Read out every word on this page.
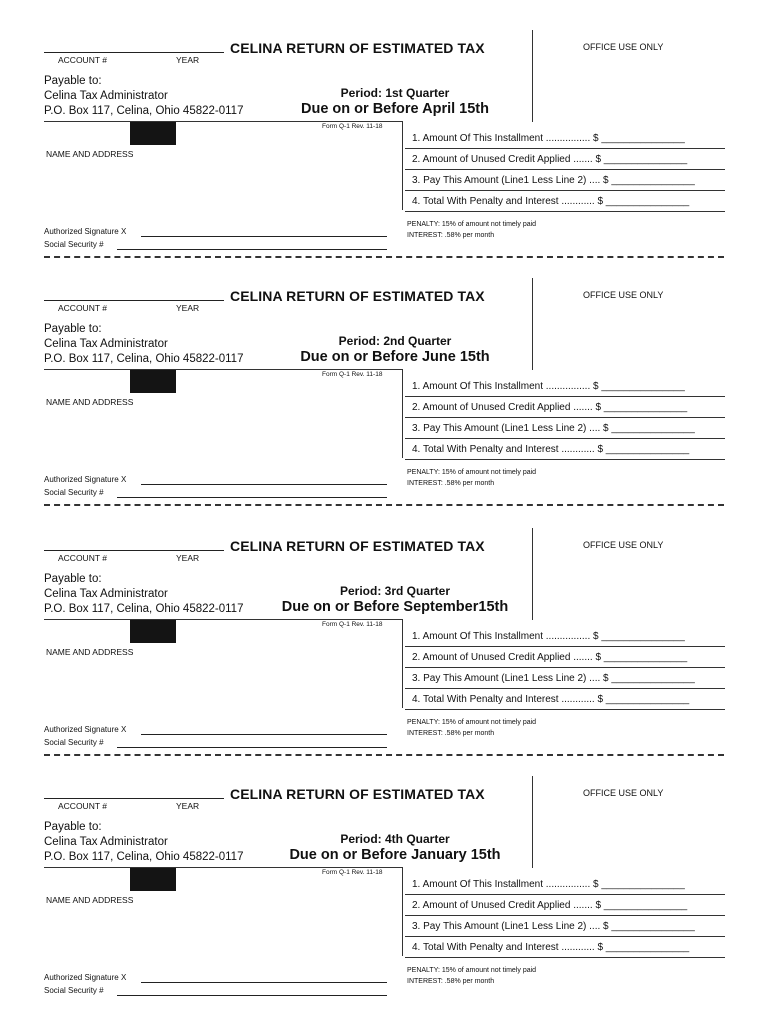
ACCOUNT #	YEAR
CELINA RETURN OF ESTIMATED TAX	OFFICE USE ONLY
Payable to:
Celina Tax Administrator
P.O. Box 117, Celina, Ohio 45822-0117
Period: 1st Quarter
Due on or Before April 15th
Form Q-1 Rev. 11-18
NAME AND ADDRESS
1. Amount Of This Installment ................ $ _______________
2. Amount of Unused Credit Applied ....... $ _______________
3. Pay This Amount (Line1 Less Line 2) .... $ _______________
4. Total With Penalty and Interest ............ $ _______________
Authorized Signature X
Social Security #
PENALTY: 15% of amount not timely paid
INTEREST: .58% per month
ACCOUNT #	YEAR
CELINA RETURN OF ESTIMATED TAX	OFFICE USE ONLY
Payable to:
Celina Tax Administrator
P.O. Box 117, Celina, Ohio 45822-0117
Period: 2nd Quarter
Due on or Before June 15th
Form Q-1 Rev. 11-18
NAME AND ADDRESS
1. Amount Of This Installment ................ $ _______________
2. Amount of Unused Credit Applied ....... $ _______________
3. Pay This Amount (Line1 Less Line 2) .... $ _______________
4. Total With Penalty and Interest ............ $ _______________
Authorized Signature X
Social Security #
PENALTY: 15% of amount not timely paid
INTEREST: .58% per month
ACCOUNT #	YEAR
CELINA RETURN OF ESTIMATED TAX	OFFICE USE ONLY
Payable to:
Celina Tax Administrator
P.O. Box 117, Celina, Ohio 45822-0117
Period: 3rd Quarter
Due on or Before September15th
Form Q-1 Rev. 11-18
NAME AND ADDRESS
1. Amount Of This Installment ................ $ _______________
2. Amount of Unused Credit Applied ....... $ _______________
3. Pay This Amount (Line1 Less Line 2) .... $ _______________
4. Total With Penalty and Interest ............ $ _______________
Authorized Signature X
Social Security #
PENALTY: 15% of amount not timely paid
INTEREST: .58% per month
ACCOUNT #	YEAR
CELINA RETURN OF ESTIMATED TAX	OFFICE USE ONLY
Payable to:
Celina Tax Administrator
P.O. Box 117, Celina, Ohio 45822-0117
Period: 4th Quarter
Due on or Before January 15th
Form Q-1 Rev. 11-18
NAME AND ADDRESS
1. Amount Of This Installment ................ $ _______________
2. Amount of Unused Credit Applied ....... $ _______________
3. Pay This Amount (Line1 Less Line 2) .... $ _______________
4. Total With Penalty and Interest ............ $ _______________
Authorized Signature X
Social Security #
PENALTY: 15% of amount not timely paid
INTEREST: .58% per month
